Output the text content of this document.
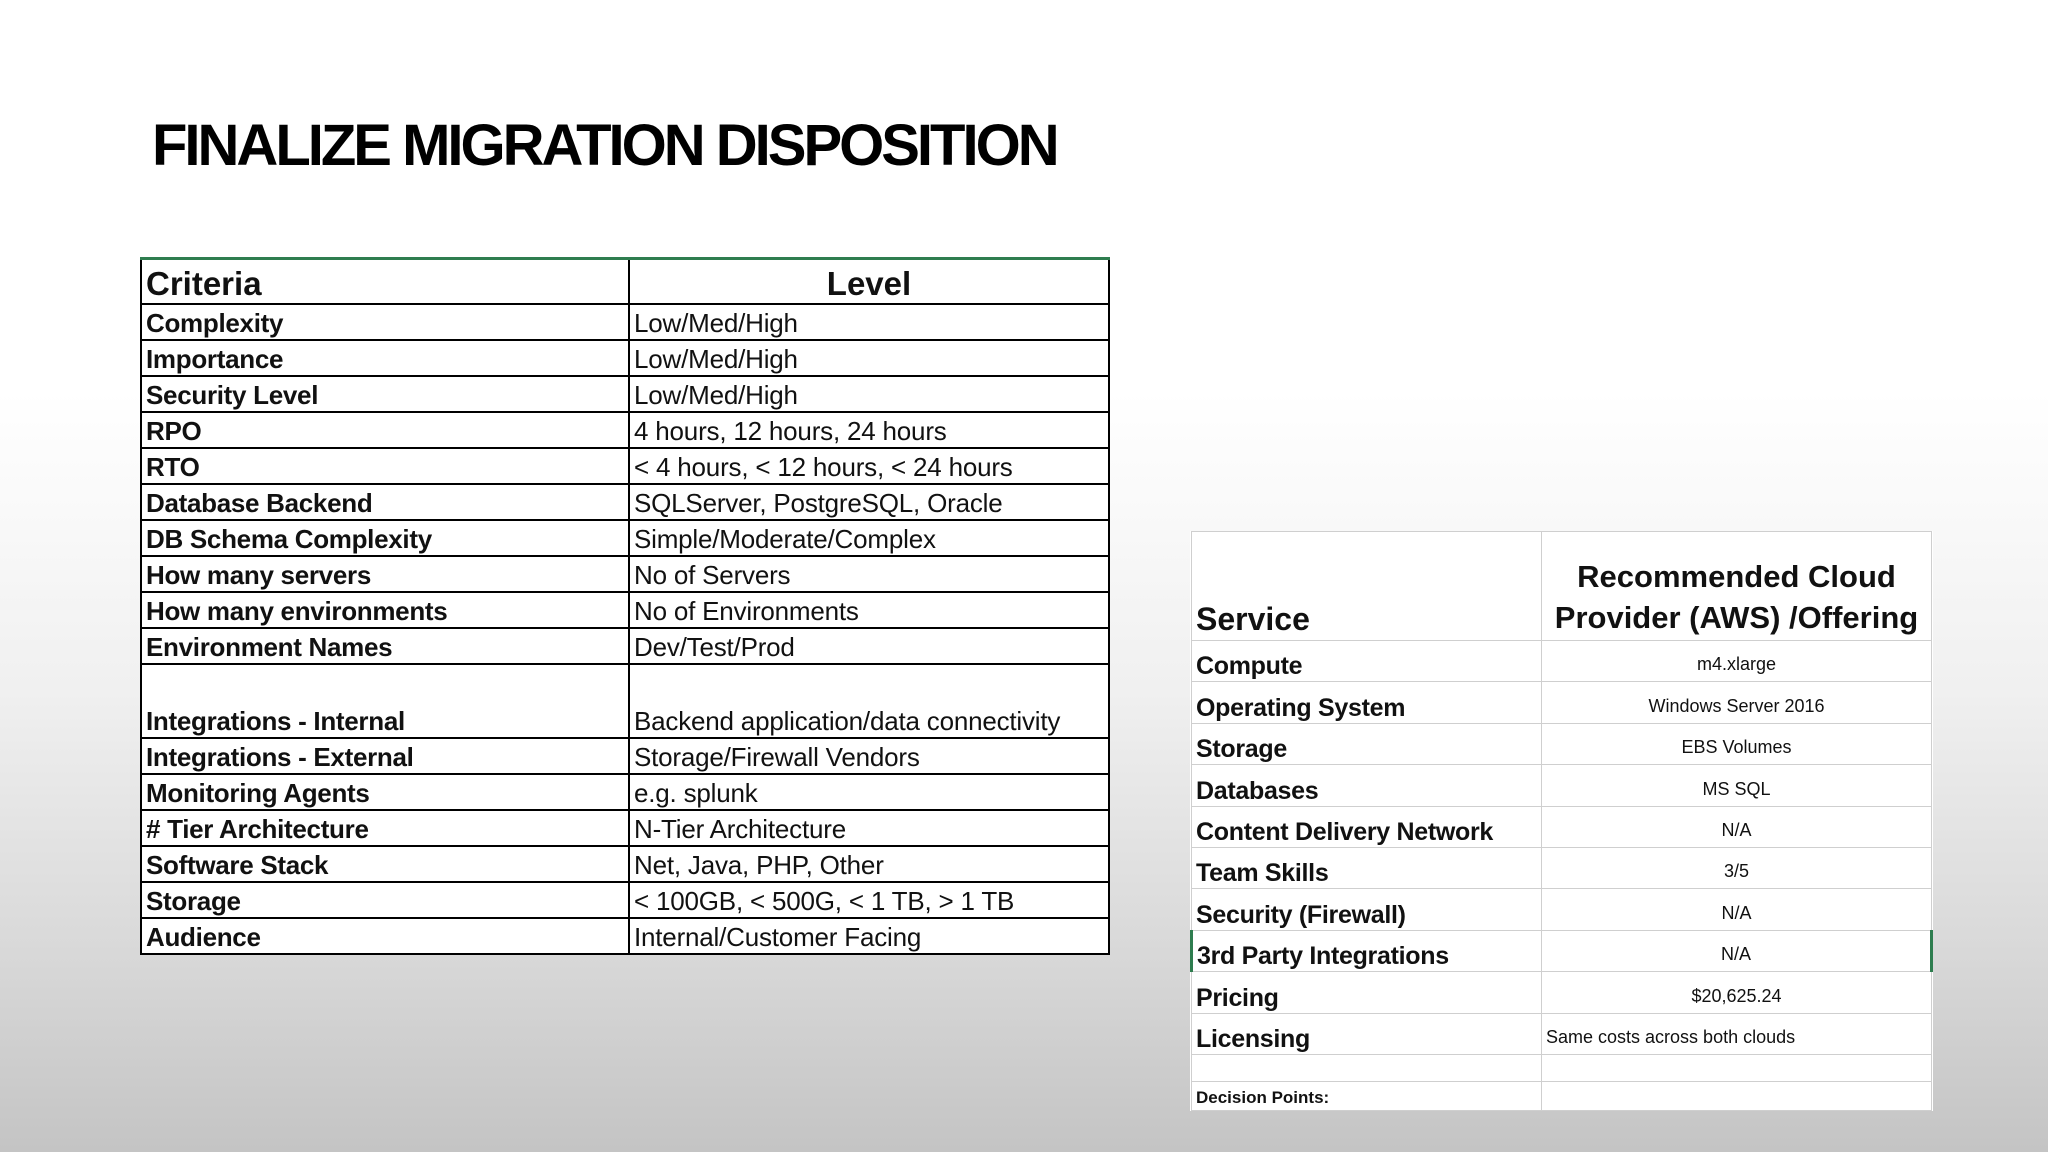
FINALIZE MIGRATION DISPOSITION
Criteria	Level
Complexity	Low/Med/High
Importance	Low/Med/High
Security Level	Low/Med/High
RPO	4 hours, 12 hours, 24 hours
RTO	< 4 hours, < 12 hours, < 24 hours
Database Backend	SQLServer, PostgreSQL, Oracle
DB Schema Complexity	Simple/Moderate/Complex
How many servers	No of Servers
How many environments	No of Environments
Environment Names	Dev/Test/Prod
Integrations - Internal	Backend application/data connectivity
Integrations - External	Storage/Firewall Vendors
Monitoring Agents	e.g. splunk
# Tier Architecture	N-Tier Architecture
Software Stack	Net, Java, PHP, Other
Storage	< 100GB, < 500G, < 1 TB, > 1 TB
Audience	Internal/Customer Facing
Service	Recommended Cloud Provider (AWS) /Offering
Compute	m4.xlarge
Operating System	Windows Server 2016
Storage	EBS Volumes
Databases	MS SQL
Content Delivery Network	N/A
Team Skills	3/5
Security (Firewall)	N/A
3rd Party Integrations	N/A
Pricing	$20,625.24
Licensing	Same costs across both clouds

Decision Points:	
